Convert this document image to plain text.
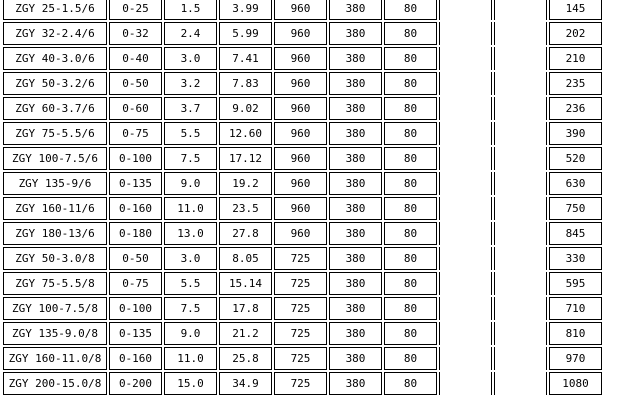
ZGY 25-1.5/6	0-25	1.5	3.99	960	380	80			145
ZGY 32-2.4/6	0-32	2.4	5.99	960	380	80			202
ZGY 40-3.0/6	0-40	3.0	7.41	960	380	80			210
ZGY 50-3.2/6	0-50	3.2	7.83	960	380	80			235
ZGY 60-3.7/6	0-60	3.7	9.02	960	380	80			236
ZGY 75-5.5/6	0-75	5.5	12.60	960	380	80			390
ZGY 100-7.5/6	0-100	7.5	17.12	960	380	80			520
ZGY 135-9/6	0-135	9.0	19.2	960	380	80			630
ZGY 160-11/6	0-160	11.0	23.5	960	380	80			750
ZGY 180-13/6	0-180	13.0	27.8	960	380	80			845
ZGY 50-3.0/8	0-50	3.0	8.05	725	380	80			330
ZGY 75-5.5/8	0-75	5.5	15.14	725	380	80			595
ZGY 100-7.5/8	0-100	7.5	17.8	725	380	80			710
ZGY 135-9.0/8	0-135	9.0	21.2	725	380	80			810
ZGY 160-11.0/8	0-160	11.0	25.8	725	380	80			970
ZGY 200-15.0/8	0-200	15.0	34.9	725	380	80			1080
